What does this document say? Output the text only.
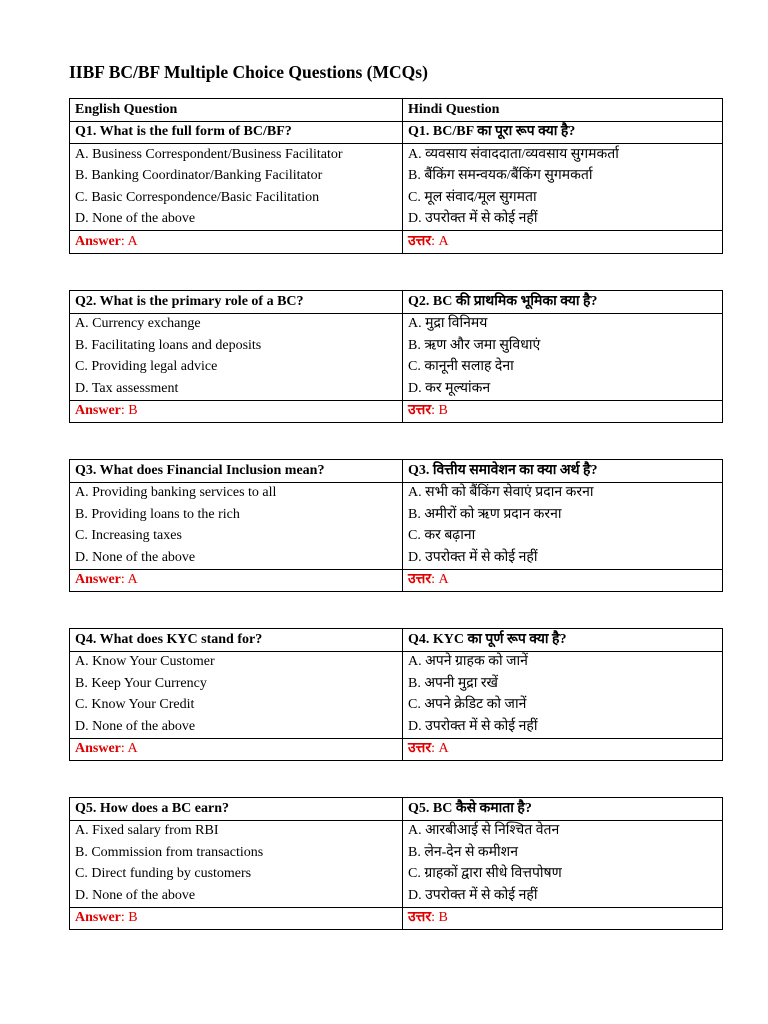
IIBF BC/BF Multiple Choice Questions (MCQs)
English Question	Hindi Question
Q1. What is the full form of BC/BF?	Q1. BC/BF का पूरा रूप क्या है?
A. Business Correspondent/Business Facilitator	A. व्यवसाय संवाददाता/व्यवसाय सुगमकर्ता
B. Banking Coordinator/Banking Facilitator	B. बैंकिंग समन्वयक/बैंकिंग सुगमकर्ता
C. Basic Correspondence/Basic Facilitation	C. मूल संवाद/मूल सुगमता
D. None of the above	D. उपरोक्त में से कोई नहीं
Answer: A	उत्तर: A
Q2. What is the primary role of a BC?	Q2. BC की प्राथमिक भूमिका क्या है?
A. Currency exchange	A. मुद्रा विनिमय
B. Facilitating loans and deposits	B. ऋण और जमा सुविधाएं
C. Providing legal advice	C. कानूनी सलाह देना
D. Tax assessment	D. कर मूल्यांकन
Answer: B	उत्तर: B
Q3. What does Financial Inclusion mean?	Q3. वित्तीय समावेशन का क्या अर्थ है?
A. Providing banking services to all	A. सभी को बैंकिंग सेवाएं प्रदान करना
B. Providing loans to the rich	B. अमीरों को ऋण प्रदान करना
C. Increasing taxes	C. कर बढ़ाना
D. None of the above	D. उपरोक्त में से कोई नहीं
Answer: A	उत्तर: A
Q4. What does KYC stand for?	Q4. KYC का पूर्ण रूप क्या है?
A. Know Your Customer	A. अपने ग्राहक को जानें
B. Keep Your Currency	B. अपनी मुद्रा रखें
C. Know Your Credit	C. अपने क्रेडिट को जानें
D. None of the above	D. उपरोक्त में से कोई नहीं
Answer: A	उत्तर: A
Q5. How does a BC earn?	Q5. BC कैसे कमाता है?
A. Fixed salary from RBI	A. आरबीआई से निश्चित वेतन
B. Commission from transactions	B. लेन-देन से कमीशन
C. Direct funding by customers	C. ग्राहकों द्वारा सीधे वित्तपोषण
D. None of the above	D. उपरोक्त में से कोई नहीं
Answer: B	उत्तर: B
